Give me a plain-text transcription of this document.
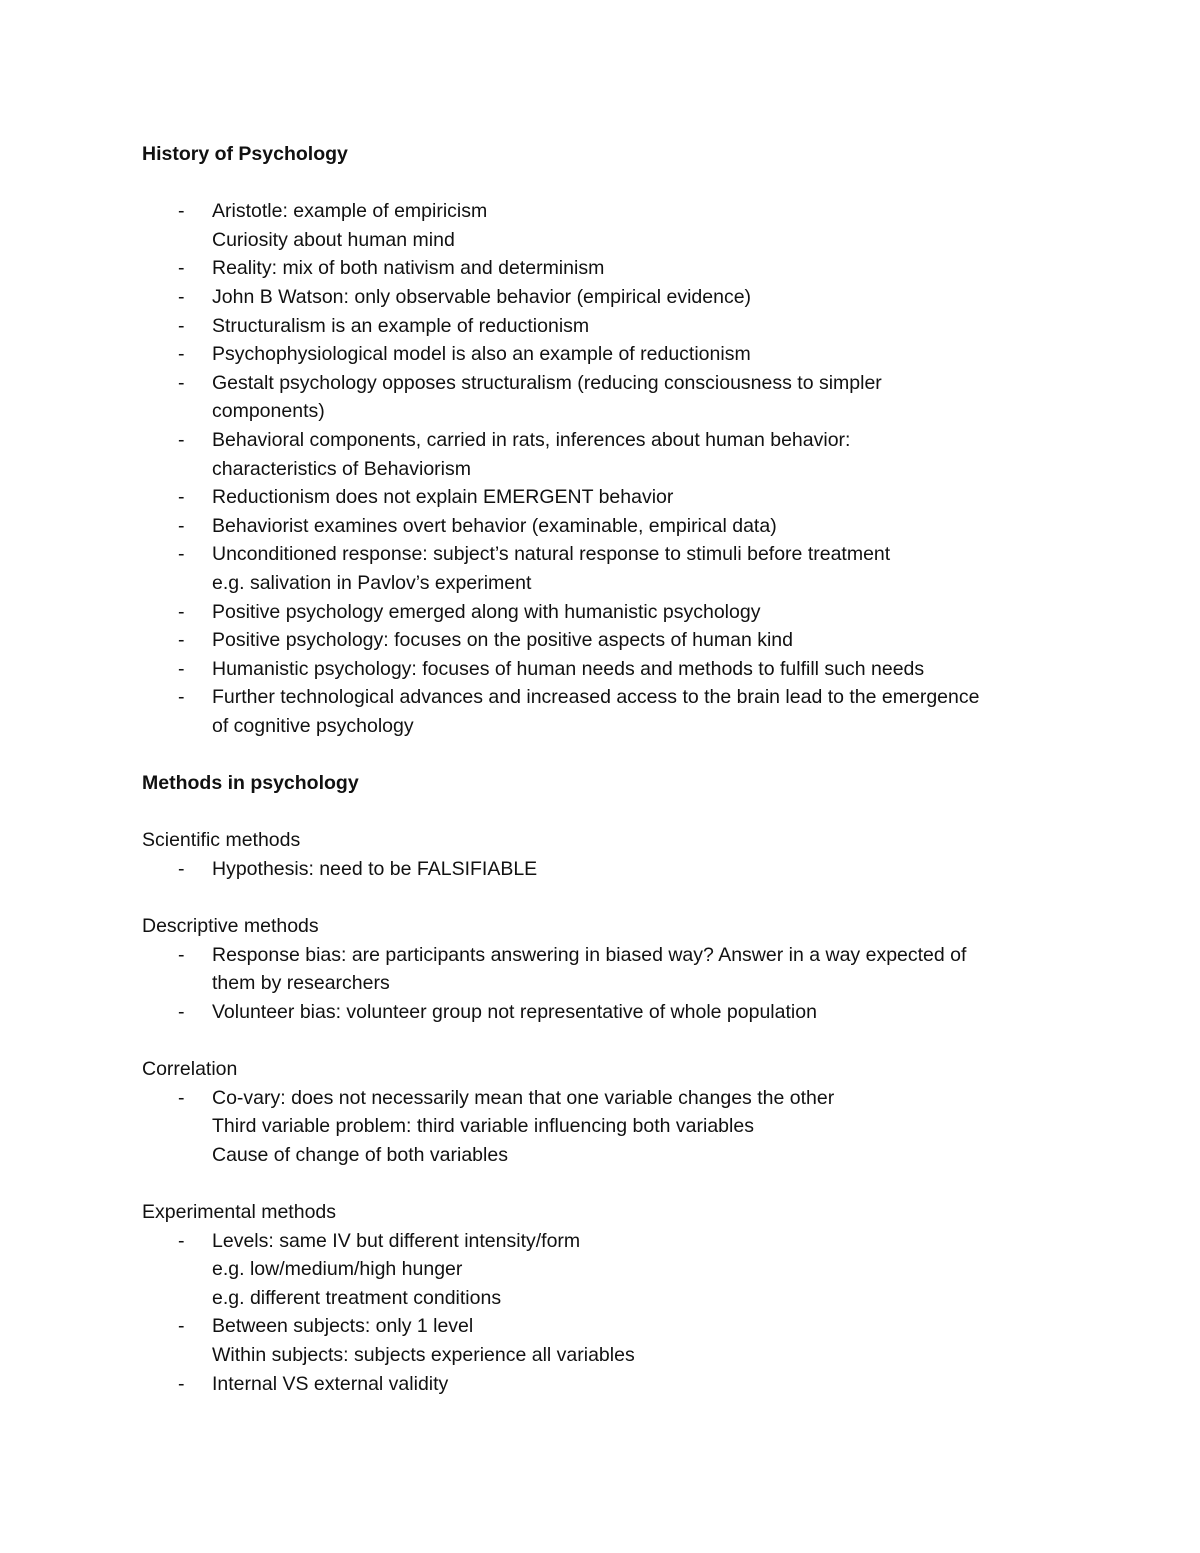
History of Psychology

- Aristotle: example of empiricism
Curiosity about human mind
- Reality: mix of both nativism and determinism
- John B Watson: only observable behavior (empirical evidence)
- Structuralism is an example of reductionism
- Psychophysiological model is also an example of reductionism
- Gestalt psychology opposes structuralism (reducing consciousness to simpler
components)
- Behavioral components, carried in rats, inferences about human behavior:
characteristics of Behaviorism
- Reductionism does not explain EMERGENT behavior
- Behaviorist examines overt behavior (examinable, empirical data)
- Unconditioned response: subject’s natural response to stimuli before treatment
e.g. salivation in Pavlov’s experiment
- Positive psychology emerged along with humanistic psychology
- Positive psychology: focuses on the positive aspects of human kind
- Humanistic psychology: focuses of human needs and methods to fulfill such needs
- Further technological advances and increased access to the brain lead to the emergence
of cognitive psychology

Methods in psychology

Scientific methods

- Hypothesis: need to be FALSIFIABLE

Descriptive methods

- Response bias: are participants answering in biased way? Answer in a way expected of
them by researchers
- Volunteer bias: volunteer group not representative of whole population

Correlation

- Co-vary: does not necessarily mean that one variable changes the other
Third variable problem: third variable influencing both variables
Cause of change of both variables

Experimental methods

- Levels: same IV but different intensity/form
e.g. low/medium/high hunger
e.g. different treatment conditions
- Between subjects: only 1 level
Within subjects: subjects experience all variables
- Internal VS external validity
